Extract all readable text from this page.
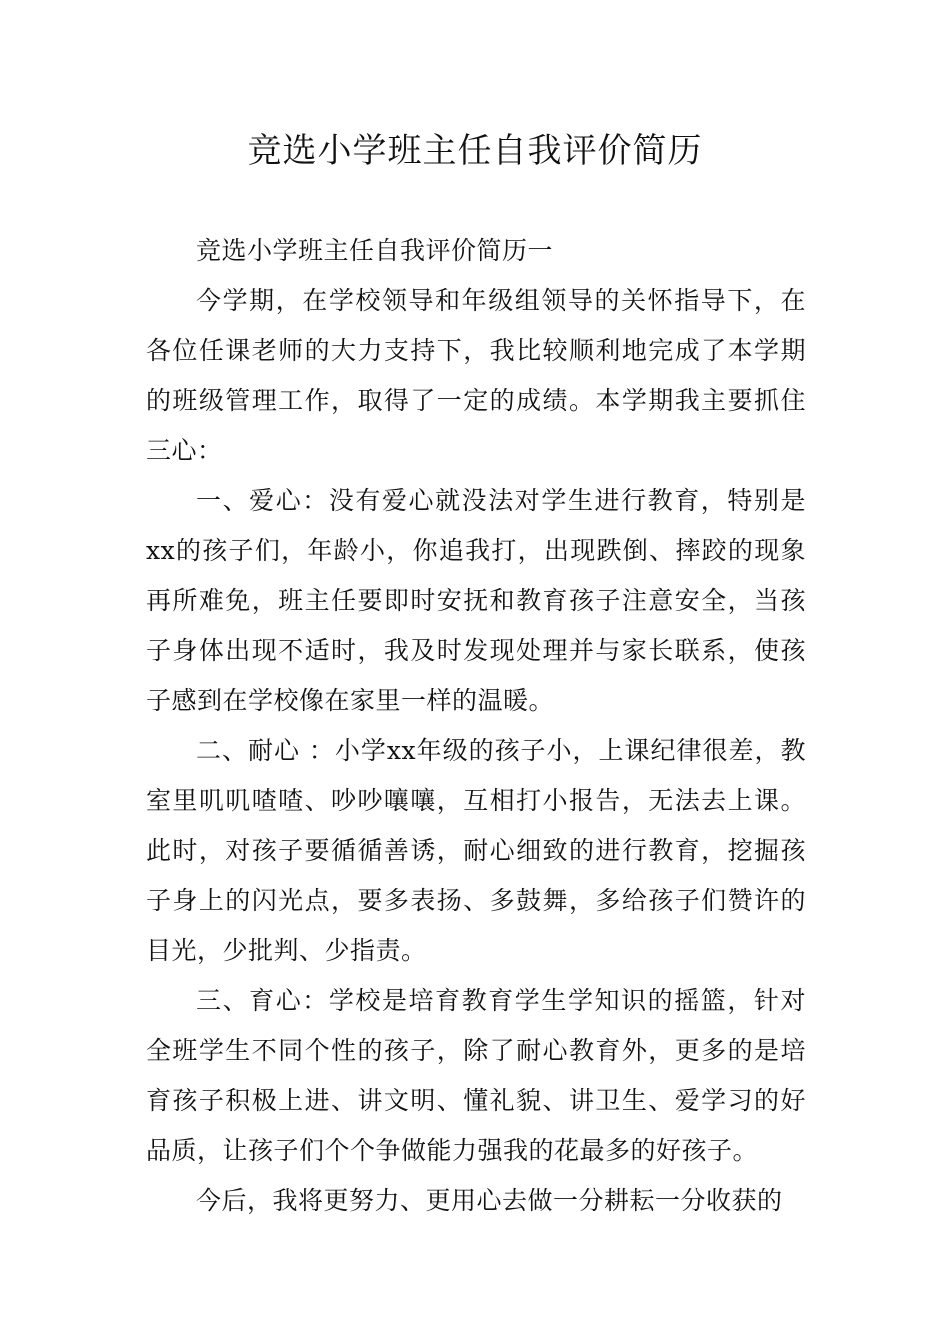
竞选小学班主任自我评价简历

竞选小学班主任自我评价简历一

今学期，在学校领导和年级组领导的关怀指导下，在各位任课老师的大力支持下，我比较顺利地完成了本学期的班级管理工作，取得了一定的成绩。本学期我主要抓住三心：

一、爱心：没有爱心就没法对学生进行教育，特别是xx的孩子们，年龄小，你追我打，出现跌倒、摔跤的现象再所难免，班主任要即时安抚和教育孩子注意安全，当孩子身体出现不适时，我及时发现处理并与家长联系，使孩子感到在学校像在家里一样的温暖。

二、耐心 ：小学xx年级的孩子小，上课纪律很差，教室里叽叽喳喳、吵吵嚷嚷，互相打小报告，无法去上课。此时，对孩子要循循善诱，耐心细致的进行教育，挖掘孩子身上的闪光点，要多表扬、多鼓舞，多给孩子们赞许的目光，少批判、少指责。

三、育心：学校是培育教育学生学知识的摇篮，针对全班学生不同个性的孩子，除了耐心教育外，更多的是培育孩子积极上进、讲文明、懂礼貌、讲卫生、爱学习的好品质，让孩子们个个争做能力强我的花最多的好孩子。

今后，我将更努力、更用心去做一分耕耘一分收获的
